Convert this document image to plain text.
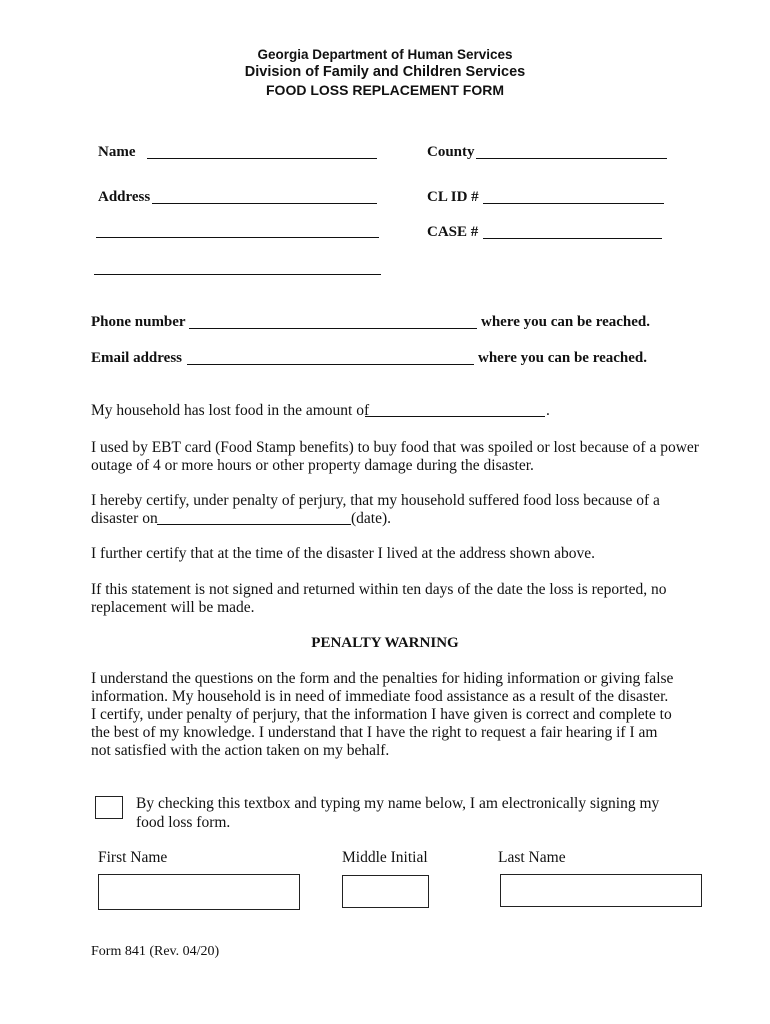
Georgia Department of Human Services
Division of Family and Children Services
FOOD LOSS REPLACEMENT FORM
Name	County
Address	CL ID #
CASE #
Phone number	where you can be reached.
Email address	where you can be reached.
My household has lost food in the amount of	.
I used by EBT card (Food Stamp benefits) to buy food that was spoiled or lost because of a power
outage of 4 or more hours or other property damage during the disaster.
I hereby certify, under penalty of perjury, that my household suffered food loss because of a
disaster on	(date).
I further certify that at the time of the disaster I lived at the address shown above.
If this statement is not signed and returned within ten days of the date the loss is reported, no
replacement will be made.
PENALTY WARNING
I understand the questions on the form and the penalties for hiding information or giving false
information. My household is in need of immediate food assistance as a result of the disaster.
I certify, under penalty of perjury, that the information I have given is correct and complete to
the best of my knowledge. I understand that I have the right to request a fair hearing if I am
not satisfied with the action taken on my behalf.
By checking this textbox and typing my name below, I am electronically signing my
food loss form.
First Name	Middle Initial	Last Name
Form 841 (Rev. 04/20)
